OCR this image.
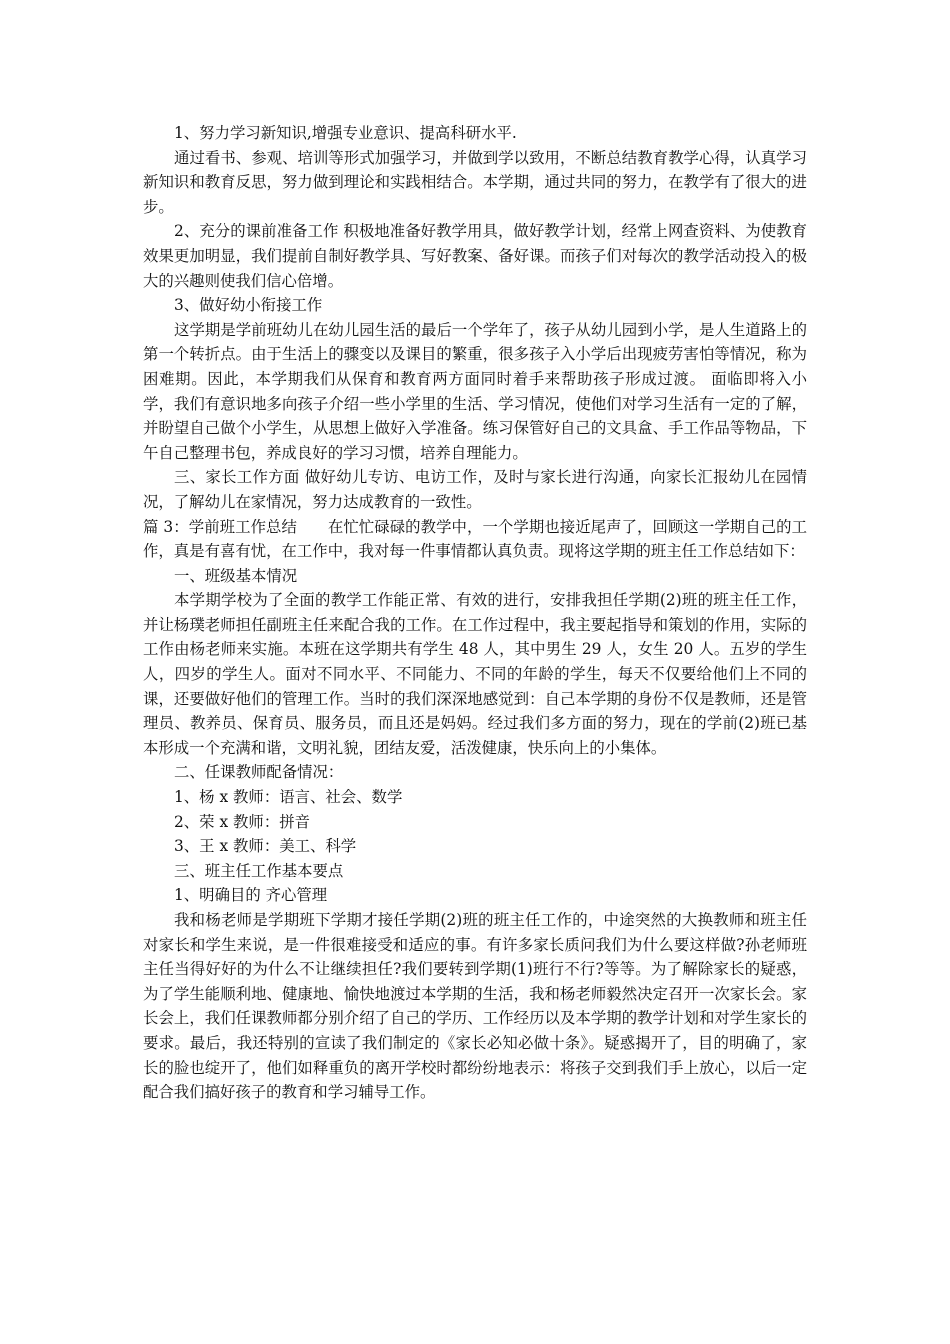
1、努力学习新知识,增强专业意识、提高科研水平.

通过看书、参观、培训等形式加强学习，并做到学以致用，不断总结教育教学心得，认真学习新知识和教育反思，努力做到理论和实践相结合。本学期，通过共同的努力，在教学有了很大的进步。

2、充分的课前准备工作 积极地准备好教学用具，做好教学计划，经常上网查资料、为使教育效果更加明显，我们提前自制好教学具、写好教案、备好课。而孩子们对每次的教学活动投入的极大的兴趣则使我们信心倍增。

3、做好幼小衔接工作

这学期是学前班幼儿在幼儿园生活的最后一个学年了，孩子从幼儿园到小学，是人生道路上的第一个转折点。由于生活上的骤变以及课目的繁重，很多孩子入小学后出现疲劳害怕等情况，称为困难期。因此，本学期我们从保育和教育两方面同时着手来帮助孩子形成过渡。 面临即将入小学，我们有意识地多向孩子介绍一些小学里的生活、学习情况，使他们对学习生活有一定的了解，并盼望自己做个小学生，从思想上做好入学准备。练习保管好自己的文具盒、手工作品等物品，下午自己整理书包，养成良好的学习习惯，培养自理能力。

三、家长工作方面 做好幼儿专访、电访工作，及时与家长进行沟通，向家长汇报幼儿在园情况，了解幼儿在家情况，努力达成教育的一致性。

篇 3：学前班工作总结　　在忙忙碌碌的教学中，一个学期也接近尾声了，回顾这一学期自己的工作，真是有喜有忧，在工作中，我对每一件事情都认真负责。现将这学期的班主任工作总结如下：

一、班级基本情况

本学期学校为了全面的教学工作能正常、有效的进行，安排我担任学期(2)班的班主任工作，并让杨璞老师担任副班主任来配合我的工作。在工作过程中，我主要起指导和策划的作用，实际的工作由杨老师来实施。本班在这学期共有学生 48 人，其中男生 29 人，女生 20 人。五岁的学生人，四岁的学生人。面对不同水平、不同能力、不同的年龄的学生，每天不仅要给他们上不同的课，还要做好他们的管理工作。当时的我们深深地感觉到：自己本学期的身份不仅是教师，还是管理员、教养员、保育员、服务员，而且还是妈妈。经过我们多方面的努力，现在的学前(2)班已基本形成一个充满和谐，文明礼貌，团结友爱，活泼健康，快乐向上的小集体。

二、任课教师配备情况：

1、杨 x 教师：语言、社会、数学

2、荣 x 教师：拼音

3、王 x 教师：美工、科学

三、班主任工作基本要点

1、明确目的 齐心管理

我和杨老师是学期班下学期才接任学期(2)班的班主任工作的，中途突然的大换教师和班主任对家长和学生来说，是一件很难接受和适应的事。有许多家长质问我们为什么要这样做?孙老师班主任当得好好的为什么不让继续担任?我们要转到学期(1)班行不行?等等。为了解除家长的疑惑，为了学生能顺利地、健康地、愉快地渡过本学期的生活，我和杨老师毅然决定召开一次家长会。家长会上，我们任课教师都分别介绍了自己的学历、工作经历以及本学期的教学计划和对学生家长的要求。最后，我还特别的宣读了我们制定的《家长必知必做十条》。疑惑揭开了，目的明确了，家长的脸也绽开了，他们如释重负的离开学校时都纷纷地表示：将孩子交到我们手上放心，以后一定配合我们搞好孩子的教育和学习辅导工作。
